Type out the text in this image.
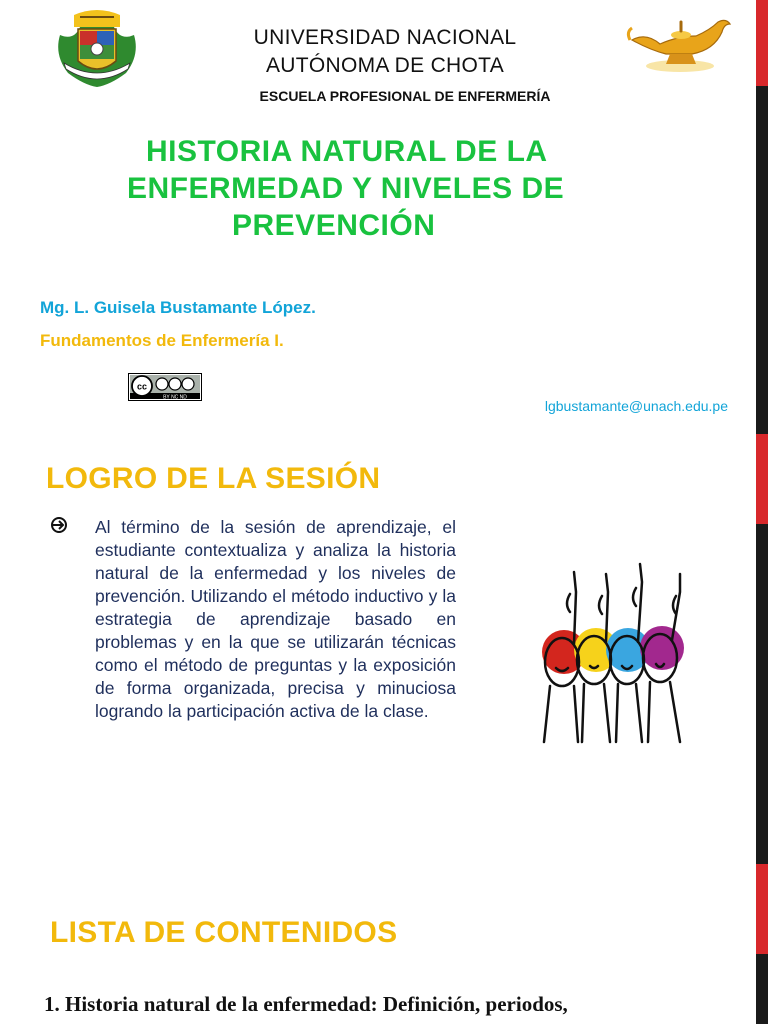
UNIVERSIDAD NACIONAL
AUTÓNOMA DE CHOTA
ESCUELA PROFESIONAL DE ENFERMERÍA
HISTORIA NATURAL DE LA
ENFERMEDAD Y NIVELES DE
PREVENCIÓN
Mg. L. Guisela Bustamante López.
Fundamentos de Enfermería I.
cc
BY NC ND
lgbustamante@unach.edu.pe
LOGRO DE LA SESIÓN
Al término de la sesión de aprendizaje, el estudiante contextualiza y analiza la historia natural de la enfermedad y los niveles de prevención. Utilizando el método inductivo y la estrategia de aprendizaje basado en problemas y en la que se utilizarán técnicas como el método de preguntas y la exposición de forma organizada, precisa y minuciosa logrando la participación activa de la clase.
LISTA DE CONTENIDOS
1. Historia natural de la enfermedad: Definición, periodos,
